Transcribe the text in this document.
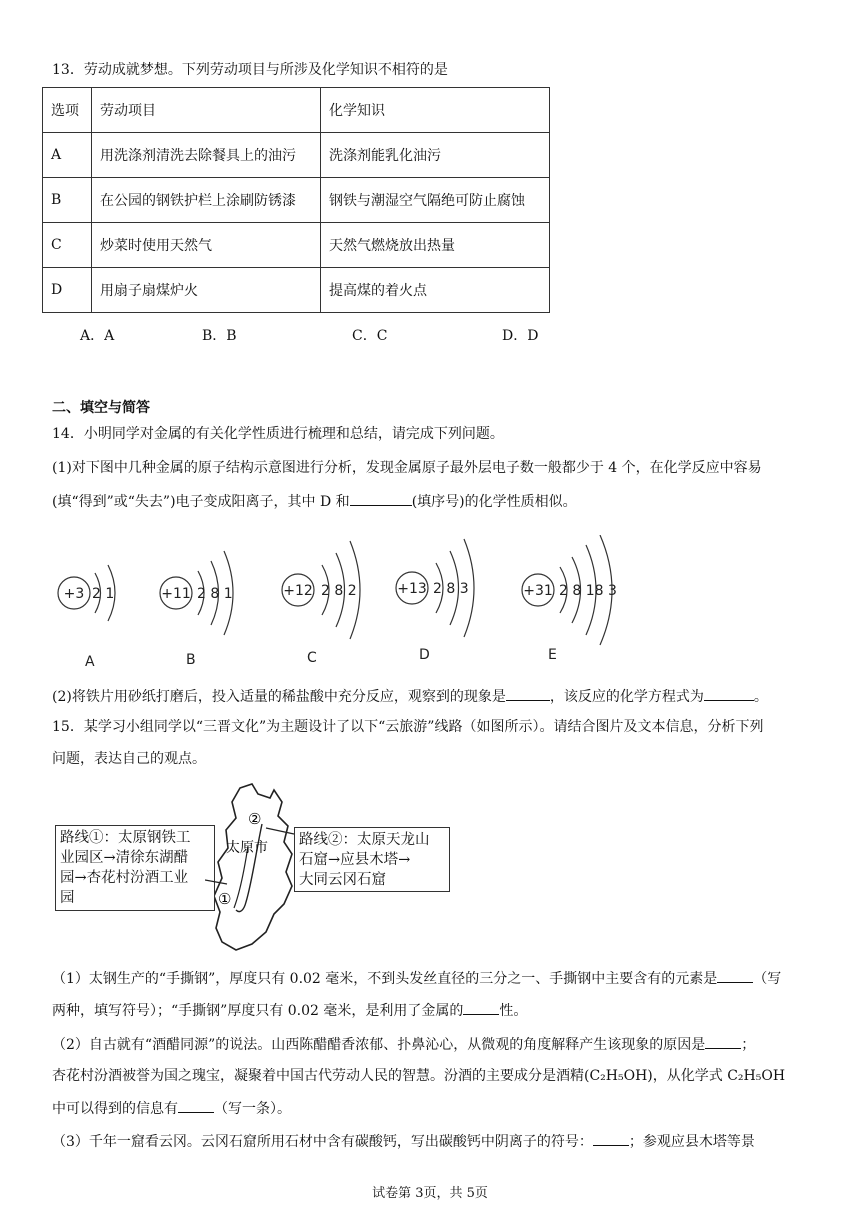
13．劳动成就梦想。下列劳动项目与所涉及化学知识不相符的是
选项	劳动项目	化学知识
A	用洗涤剂清洗去除餐具上的油污	洗涤剂能乳化油污
B	在公园的钢铁护栏上涂刷防锈漆	钢铁与潮湿空气隔绝可防止腐蚀
C	炒菜时使用天然气	天然气燃烧放出热量
D	用扇子扇煤炉火	提高煤的着火点
A．A	B．B	C．C	D．D
二、填空与简答
14．小明同学对金属的有关化学性质进行梳理和总结，请完成下列问题。
(1)对下图中几种金属的原子结构示意图进行分析，发现金属原子最外层电子数一般都少于 4 个，在化学反应中容易
(填“得到”或“失去”)电子变成阳离子，其中 D 和	(填序号)的化学性质相似。
+3 2 1	+11 2 8 1	+12 2 8 2	+13 2 8 3	+31 2 8 18 3
A	B	C	D	E
(2)将铁片用砂纸打磨后，投入适量的稀盐酸中充分反应，观察到的现象是	，该反应的化学方程式为	。
15．某学习小组同学以“三晋文化”为主题设计了以下“云旅游”线路（如图所示）。请结合图片及文本信息，分析下列
问题，表达自己的观点。
太原市
②
①
路线①：太原钢铁工
业园区→清徐东湖醋
园→杏花村汾酒工业
园
路线②：太原天龙山
石窟→应县木塔→
大同云冈石窟
（1）太钢生产的“手撕钢”，厚度只有 0.02 毫米，不到头发丝直径的三分之一、手撕钢中主要含有的元素是	（写
两种，填写符号）；“手撕钢”厚度只有 0.02 毫米，是利用了金属的	性。
（2）自古就有“酒醋同源”的说法。山西陈醋醋香浓郁、扑鼻沁心，从微观的角度解释产生该现象的原因是	；
杏花村汾酒被誉为国之瑰宝，凝聚着中国古代劳动人民的智慧。汾酒的主要成分是酒精(C₂H₅OH)，从化学式 C₂H₅OH
中可以得到的信息有	（写一条）。
（3）千年一窟看云冈。云冈石窟所用石材中含有碳酸钙，写出碳酸钙中阴离子的符号：	；参观应县木塔等景
试卷第 3页，共 5页
